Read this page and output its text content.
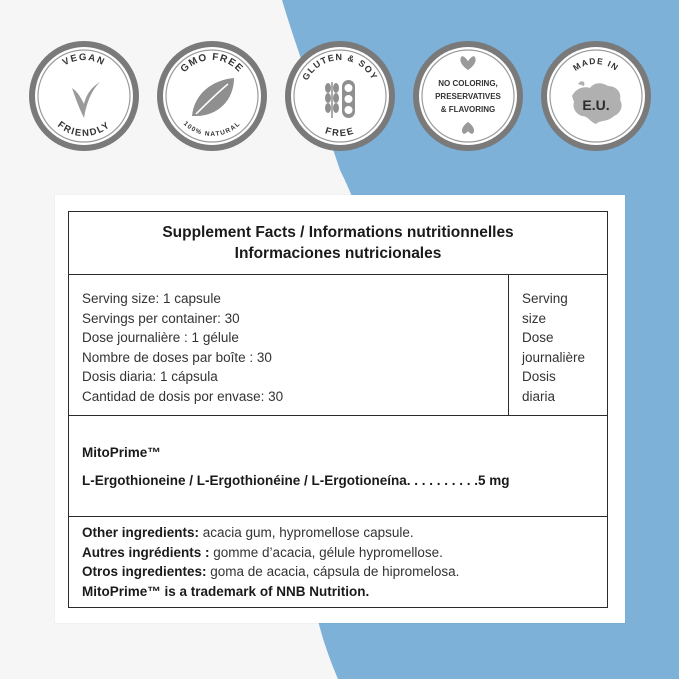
VEGAN
FRIENDLY
GMO FREE
100% NATURAL
GLUTEN & SOY
FREE
NO COLORING,
PRESERVATIVES
& FLAVORING
MADE IN
E.U.
Supplement Facts / Informations nutritionnelles
Informaciones nutricionales
Serving size: 1 capsule
Servings per container: 30
Dose journalière : 1 gélule
Nombre de doses par boîte : 30
Dosis diaria: 1 cápsula
Cantidad de dosis por envase: 30
Serving
size
Dose
journalière
Dosis
diaria
MitoPrime™
L-Ergothioneine / L-Ergothionéine / L-Ergotioneína . . . . . . . . . . 5 mg
Other ingredients: acacia gum, hypromellose capsule.
Autres ingrédients : gomme d’acacia, gélule hypromellose.
Otros ingredientes: goma de acacia, cápsula de hipromelosa.
MitoPrime™ is a trademark of NNB Nutrition.
